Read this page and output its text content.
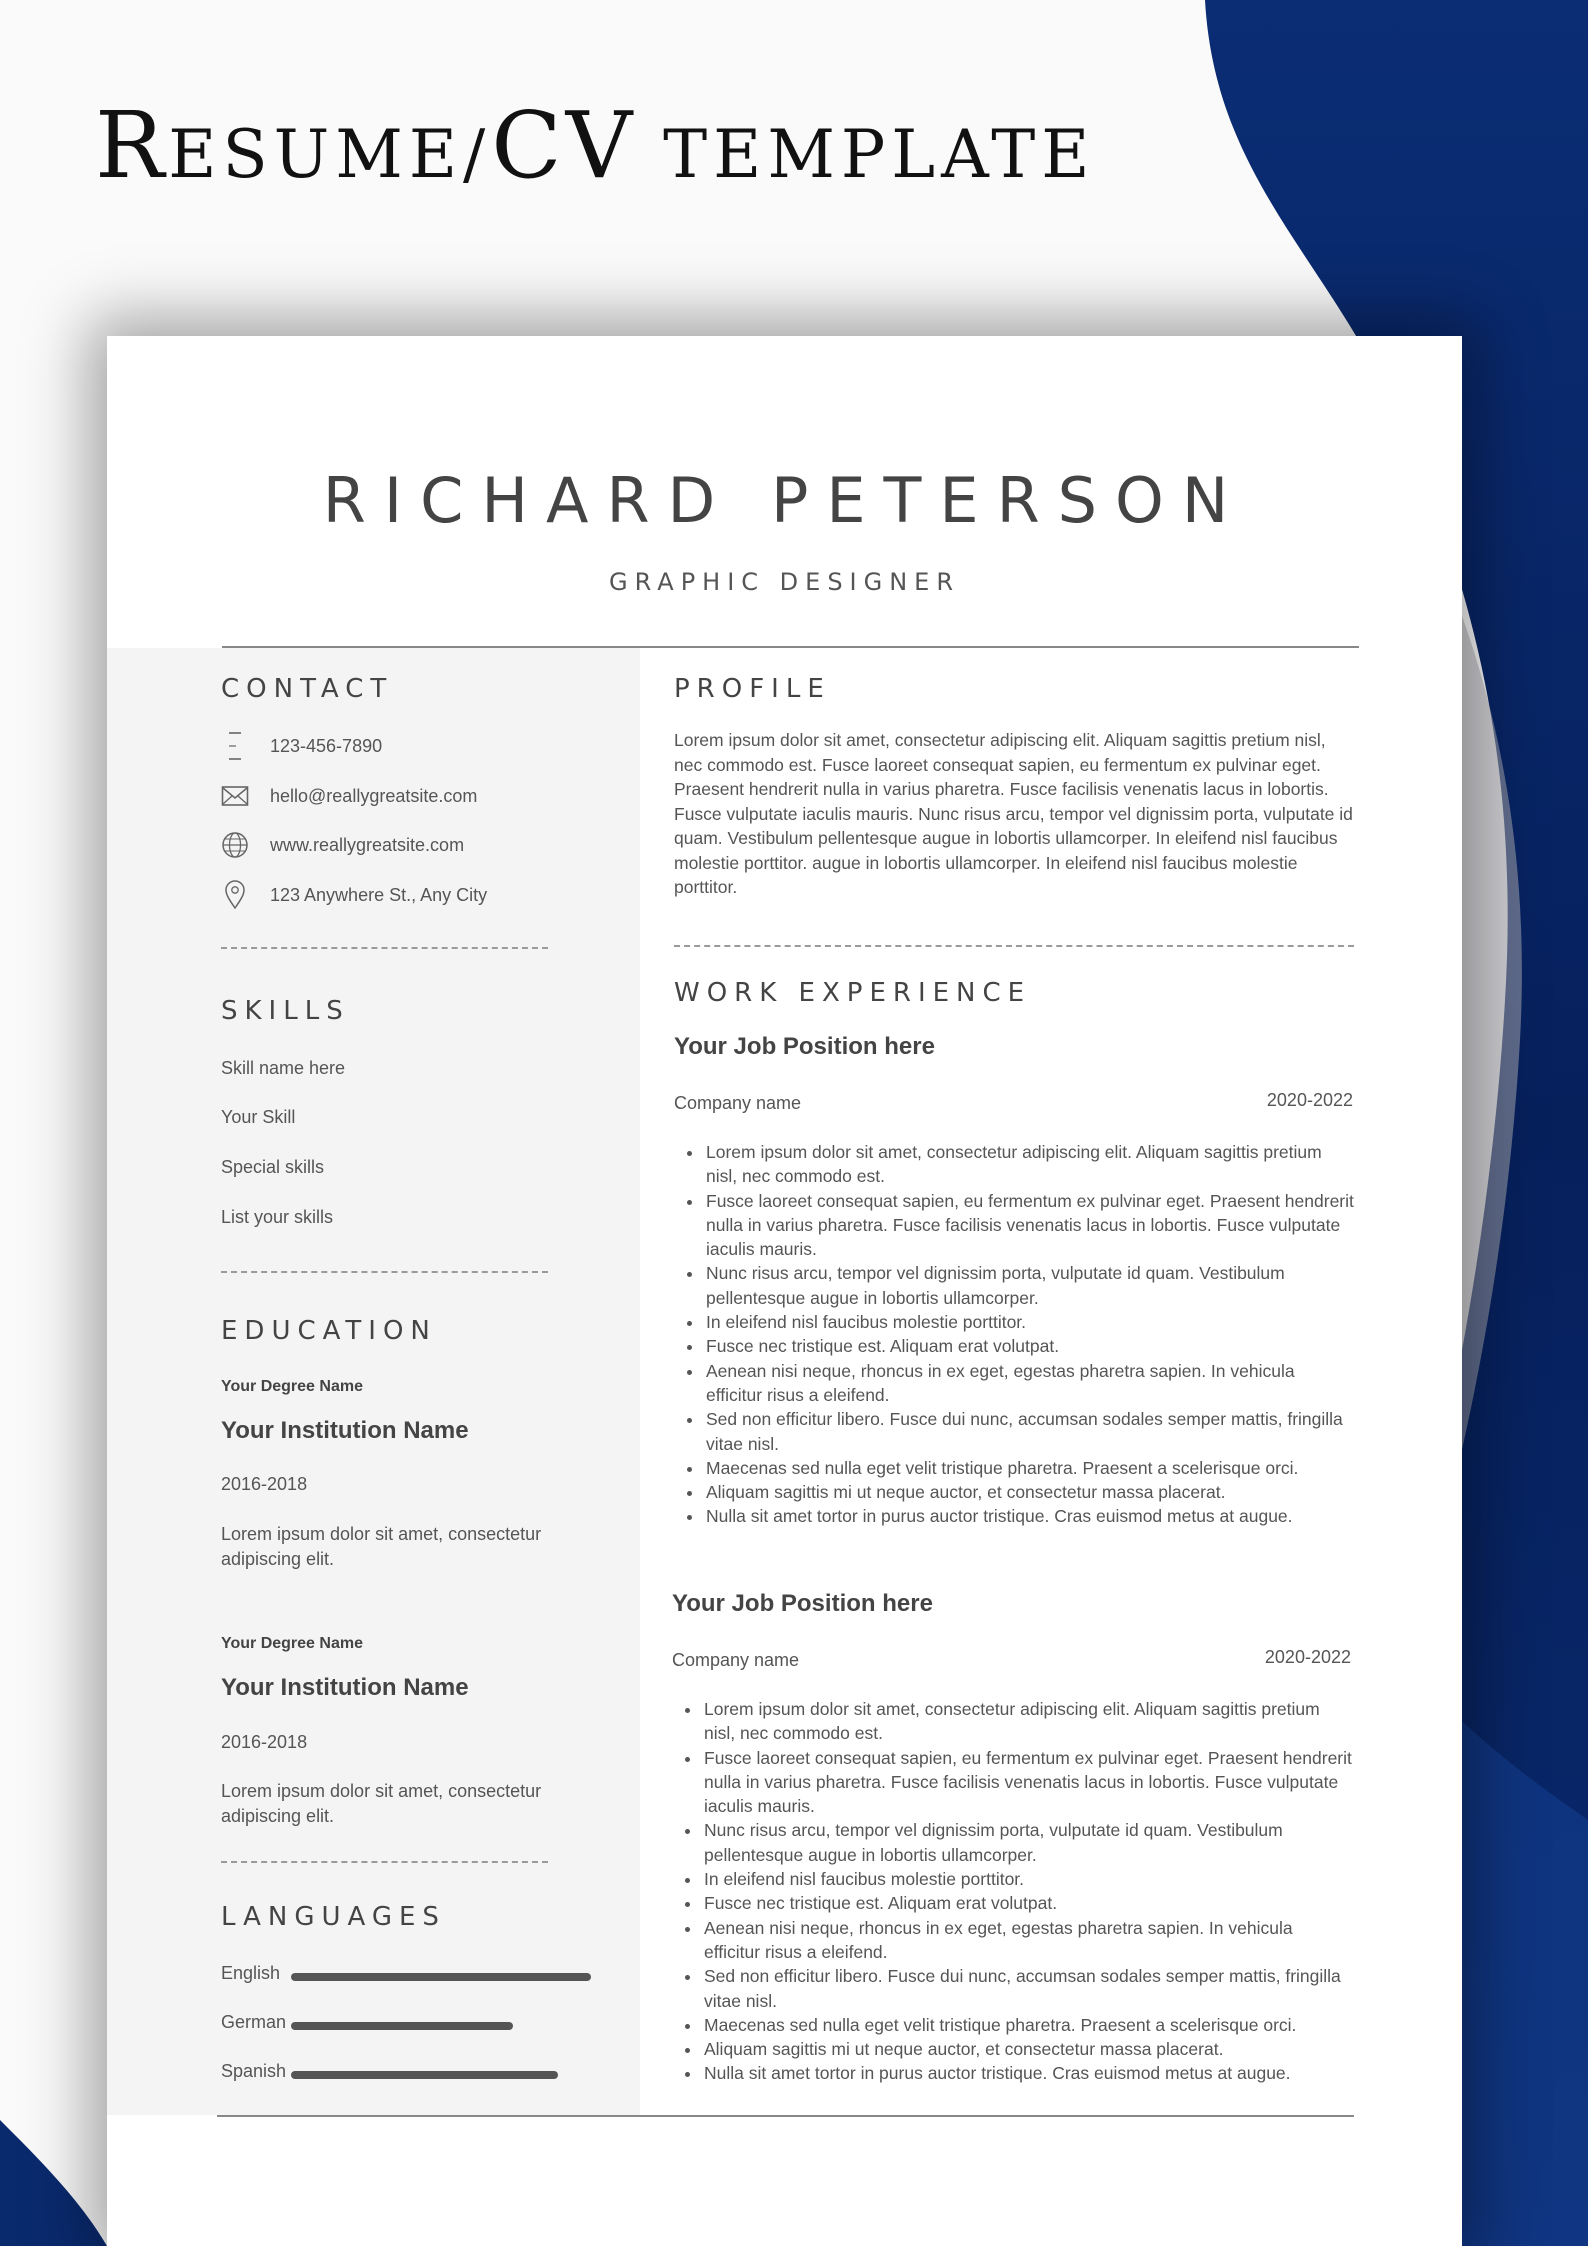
RESUME/CV TEMPLATE
RICHARD PETERSON
GRAPHIC DESIGNER
CONTACT
123-456-7890
hello@reallygreatsite.com
www.reallygreatsite.com
123 Anywhere St., Any City
SKILLS
Skill name here
Your Skill
Special skills
List your skills
EDUCATION
Your Degree Name
Your Institution Name
2016-2018
Lorem ipsum dolor sit amet, consectetur adipiscing elit.
Your Degree Name
Your Institution Name
2016-2018
Lorem ipsum dolor sit amet, consectetur adipiscing elit.
LANGUAGES
English
German
Spanish
PROFILE
Lorem ipsum dolor sit amet, consectetur adipiscing elit. Aliquam sagittis pretium nisl, nec commodo est. Fusce laoreet consequat sapien, eu fermentum ex pulvinar eget. Praesent hendrerit nulla in varius pharetra. Fusce facilisis venenatis lacus in lobortis. Fusce vulputate iaculis mauris. Nunc risus arcu, tempor vel dignissim porta, vulputate id quam. Vestibulum pellentesque augue in lobortis ullamcorper. In eleifend nisl faucibus molestie porttitor. augue in lobortis ullamcorper. In eleifend nisl faucibus molestie porttitor.
WORK EXPERIENCE
Your Job Position here
Company name	2020-2022
• Lorem ipsum dolor sit amet, consectetur adipiscing elit. Aliquam sagittis pretium nisl, nec commodo est.
• Fusce laoreet consequat sapien, eu fermentum ex pulvinar eget. Praesent hendrerit nulla in varius pharetra. Fusce facilisis venenatis lacus in lobortis. Fusce vulputate iaculis mauris.
• Nunc risus arcu, tempor vel dignissim porta, vulputate id quam. Vestibulum pellentesque augue in lobortis ullamcorper.
• In eleifend nisl faucibus molestie porttitor.
• Fusce nec tristique est. Aliquam erat volutpat.
• Aenean nisi neque, rhoncus in ex eget, egestas pharetra sapien. In vehicula efficitur risus a eleifend.
• Sed non efficitur libero. Fusce dui nunc, accumsan sodales semper mattis, fringilla vitae nisl.
• Maecenas sed nulla eget velit tristique pharetra. Praesent a scelerisque orci.
• Aliquam sagittis mi ut neque auctor, et consectetur massa placerat.
• Nulla sit amet tortor in purus auctor tristique. Cras euismod metus at augue.
Your Job Position here
Company name	2020-2022
• Lorem ipsum dolor sit amet, consectetur adipiscing elit. Aliquam sagittis pretium nisl, nec commodo est.
• Fusce laoreet consequat sapien, eu fermentum ex pulvinar eget. Praesent hendrerit nulla in varius pharetra. Fusce facilisis venenatis lacus in lobortis. Fusce vulputate iaculis mauris.
• Nunc risus arcu, tempor vel dignissim porta, vulputate id quam. Vestibulum pellentesque augue in lobortis ullamcorper.
• In eleifend nisl faucibus molestie porttitor.
• Fusce nec tristique est. Aliquam erat volutpat.
• Aenean nisi neque, rhoncus in ex eget, egestas pharetra sapien. In vehicula efficitur risus a eleifend.
• Sed non efficitur libero. Fusce dui nunc, accumsan sodales semper mattis, fringilla vitae nisl.
• Maecenas sed nulla eget velit tristique pharetra. Praesent a scelerisque orci.
• Aliquam sagittis mi ut neque auctor, et consectetur massa placerat.
• Nulla sit amet tortor in purus auctor tristique. Cras euismod metus at augue.
